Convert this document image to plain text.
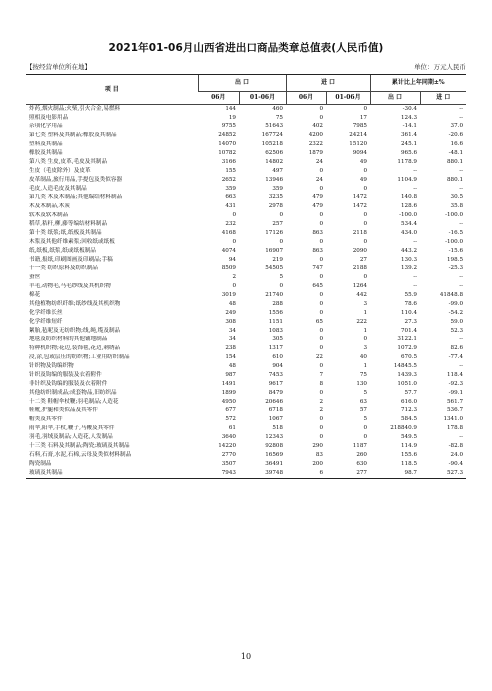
2021年01-06月山西省进出口商品类章总值表(人民币值)
【按经营单位所在地】	单位：万元人民币
项 目	出 口		进 口		累计比上年同期±%	
	06月	01-06月	06月	01-06月	出 口	进 口
炸药,烟火制品;火柴,引火合金,易燃料	144	460	0	0	-30.4	--
照相及电影用品	19	75	0	17	124.3	--
杂项化学用品	9755	51643	402	7985	-14.1	37.0
第七类 塑料及其制品;橡胶及其制品	24852	167724	4200	24214	361.4	-20.6
塑料及其制品	14070	105218	2322	15120	245.1	16.6
橡胶及其制品	10782	62506	1879	9094	965.6	-48.1
第八类 生皮,皮革,毛皮及其制品	3166	14802	24	49	1178.9	880.1
生皮（毛皮除外）及皮革	155	497	0	0	--	--
皮革制品,旅行用品,手提包及类似容器	2652	13946	24	49	1104.9	880.1
毛皮,人造毛皮及其制品	359	359	0	0	--	--
第九类 木及木制品;其他编结材料制品	663	3235	479	1472	140.8	30.5
木及木制品,木炭	431	2978	479	1472	128.6	35.8
软木及软木制品	0	0	0	0	-100.0	-100.0
稻草,秸秆,柳,藤等编结材料制品	232	257	0	0	534.4	--
第十类 纸浆;纸,纸板及其制品	4168	17126	863	2118	434.0	-16.5
木浆及其他纤维素浆;回收纸或纸板	0	0	0	0	--	-100.0
纸,纸板,纸浆,纸或纸板制品	4074	16907	863	2090	443.2	-15.6
书籍,报纸,印刷图画及印刷品;手稿	94	219	0	27	130.3	198.5
十一类 纺织原料及纺织制品	8509	54505	747	2188	139.2	-25.3
蚕丝	2	5	0	0	--	--
羊毛,动物毛,马毛纱线及其机织物	0	0	645	1264	--	--
棉花	3019	21740	0	442	55.9	41848.8
其他植物纺织纤维;纸纱线及其机织物	48	288	0	3	78.6	-99.0
化学纤维长丝	249	1556	0	1	110.4	-54.2
化学纤维短纤	308	1151	65	222	27.3	59.0
絮胎,毡呢及无纺织物;线,绳,缆及制品	34	1083	0	1	701.4	52.3
地毯及纺织材料的其他铺地制品	34	305	0	0	3122.1	--
特种机织物;花边,装饰毯,花边,刺绣品	238	1317	0	3	1072.9	82.6
浸,涂,包或层压的纺织物;工业用纺织制品	154	610	22	40	670.5	-77.4
针织物及钩编织物	48	904	0	1	14845.5	--
针织及钩编的服装及衣着附件	987	7453	7	75	1439.3	118.4
非针织及钩编的服装及衣着附件	1491	9617	8	130	1051.0	-92.3
其他纺织制成品;成套物品,旧纺织品	1899	8479	0	5	57.7	-99.1
十二类 鞋帽伞杖鞭;羽毛制品;人造花	4950	20646	2	63	616.0	561.7
鞋靴,护腿和类似品及其零件	677	6718	2	57	712.3	536.7
帽类及其零件	572	1067	0	5	584.5	1341.0
雨伞,阳伞,手杖,鞭子,马鞭及其零件	61	518	0	0	218840.9	178.8
羽毛,羽绒及制品;人造花,人发制品	3640	12343	0	0	549.5	--
十三类 石料及其制品;陶瓷;玻璃及其制品	14220	92808	290	1187	114.9	-82.8
石料,石膏,水泥,石棉,云母及类似材料制品	2770	16569	83	260	155.6	24.0
陶瓷制品	3507	36491	200	630	118.5	-90.4
玻璃及其制品	7943	39748	6	277	98.7	527.3
10
